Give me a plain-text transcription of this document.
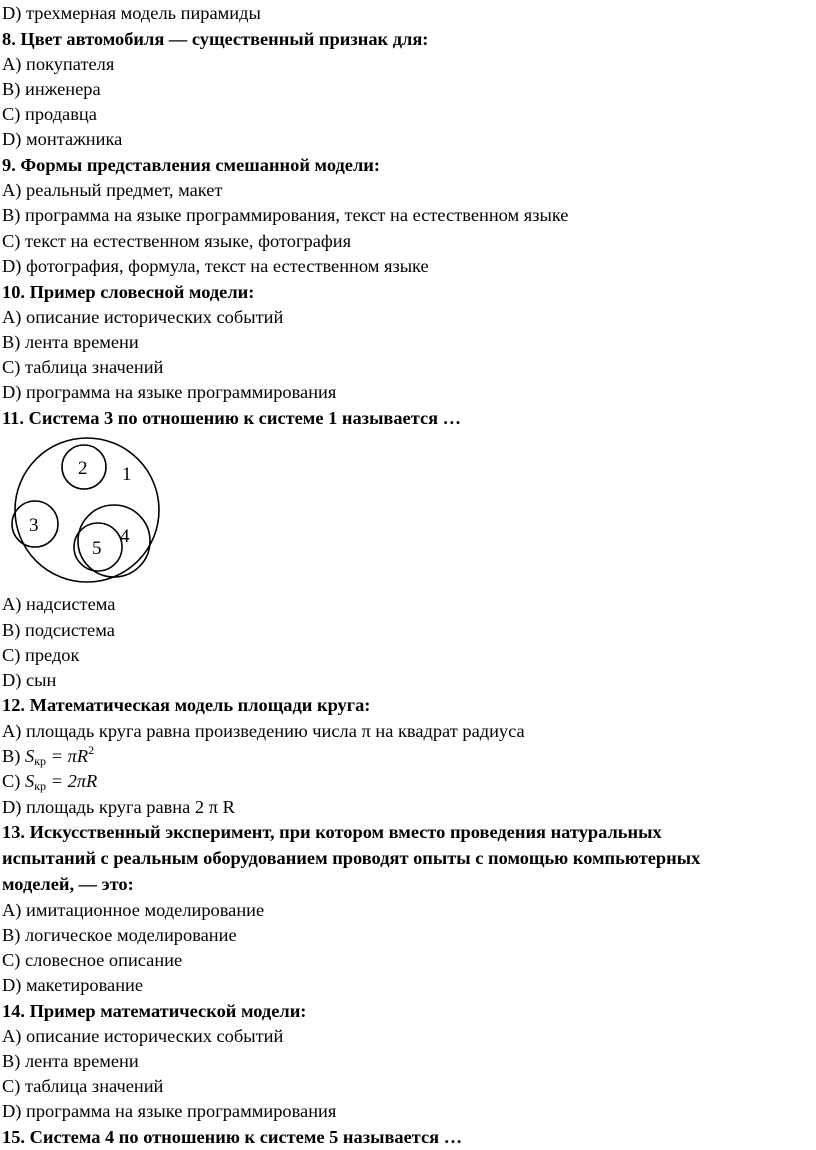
D) трехмерная модель пирамиды
8. Цвет автомобиля — существенный признак для:
A) покупателя
B) инженера
C) продавца
D) монтажника
9. Формы представления смешанной модели:
A) реальный предмет, макет
B) программа на языке программирования, текст на естественном языке
C) текст на естественном языке, фотография
D) фотография, формула, текст на естественном языке
10. Пример словесной модели:
A) описание исторических событий
B) лента времени
C) таблица значений
D) программа на языке программирования
11. Система 3 по отношению к системе 1 называется …
1
2
3
4
5
A) надсистема
B) подсистема
C) предок
D) сын
12. Математическая модель площади круга:
A) площадь круга равна произведению числа π на квадрат радиуса
B) $S_{кр} = \pi R^2$
C) $S_{кр} = 2\pi R$
D) площадь круга равна 2 π R
13. Искусственный эксперимент, при котором вместо проведения натуральных
испытаний с реальным оборудованием проводят опыты с помощью компьютерных
моделей, — это:
A) имитационное моделирование
B) логическое моделирование
C) словесное описание
D) макетирование
14. Пример математической модели:
A) описание исторических событий
B) лента времени
C) таблица значений
D) программа на языке программирования
15. Система 4 по отношению к системе 5 называется …
